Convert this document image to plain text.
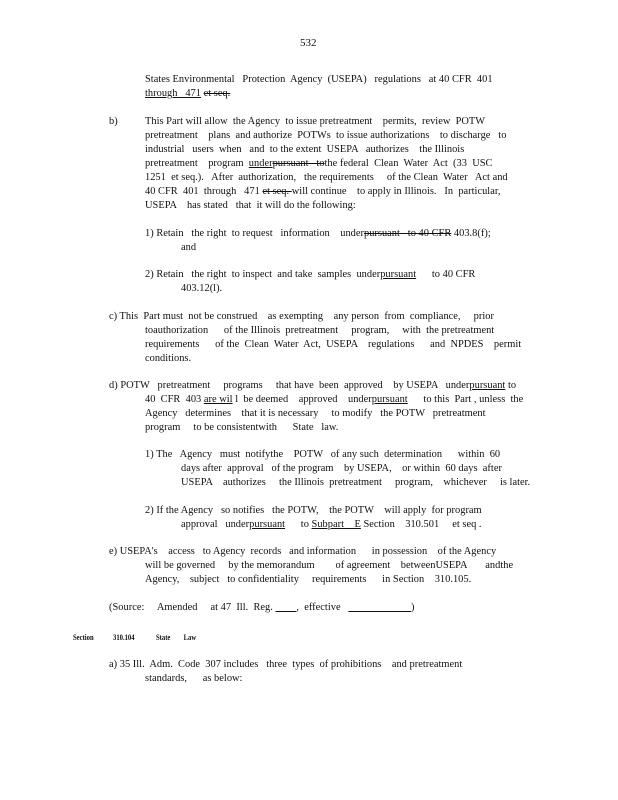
532
States Environmental   Protection  Agency  (USEPA)   regulations   at 40 CFR  401
through   471 et seq.
b)	This Part will allow  the Agency  to issue pretreatment    permits,  review  POTW
pretreatment    plans  and authorize  POTWs  to issue authorizations    to discharge   to
industrial   users  when   and  to the extent  USEPA   authorizes    the Illinois
pretreatment    program  underpursuant   tothe federal  Clean  Water  Act  (33  USC
1251  et seq.).   After  authorization,   the requirements     of the Clean  Water   Act and
40 CFR  401  through   471 et seq. will continue    to apply in Illinois.   In  particular,
USEPA    has stated   that  it will do the following:
1) Retain   the right  to request   information    underpursuant   to 40 CFR 403.8(f);
and
2) Retain   the right  to inspect  and take  samples  underpursuant      to 40 CFR
403.12(l).
c) This  Part must  not be construed    as exempting    any person  from  compliance,     prior
toauthorization      of the Illinois  pretreatment     program,     with  the pretreatment
requirements      of the  Clean  Water  Act,  USEPA    regulations      and  NPDES    permit
conditions.
d) POTW   pretreatment     programs     that have  been  approved    by USEPA   underpursuant to
40  CFR  403 are wil l  be deemed    approved    underpursuant      to this  Part , unless  the
Agency   determines    that it is necessary     to modify   the POTW   pretreatment
program     to be consistentwith      State   law.
1) The   Agency   must  notifythe    POTW   of any such  determination      within  60
days after  approval   of the program    by USEPA,    or within  60 days  after
USEPA    authorizes     the Illinois  pretreatment     program,    whichever     is later.
2) If the Agency   so notifies   the POTW,    the POTW    will apply  for program
approval   underpursuant      to Subpart    E Section    310.501     et seq .
e) USEPA's    access   to Agency  records   and information      in possession    of the Agency
will be governed     by the memorandum        of agreement    betweenUSEPA       andthe
Agency,    subject   to confidentiality     requirements      in Section    310.105.
(Source:     Amended     at 47  Ill.  Reg. ____,  effective   ____________)
Section 310.104	State        Law
a) 35 Ill.  Adm.  Code  307 includes   three  types  of prohibitions    and pretreatment
standards,      as below:
